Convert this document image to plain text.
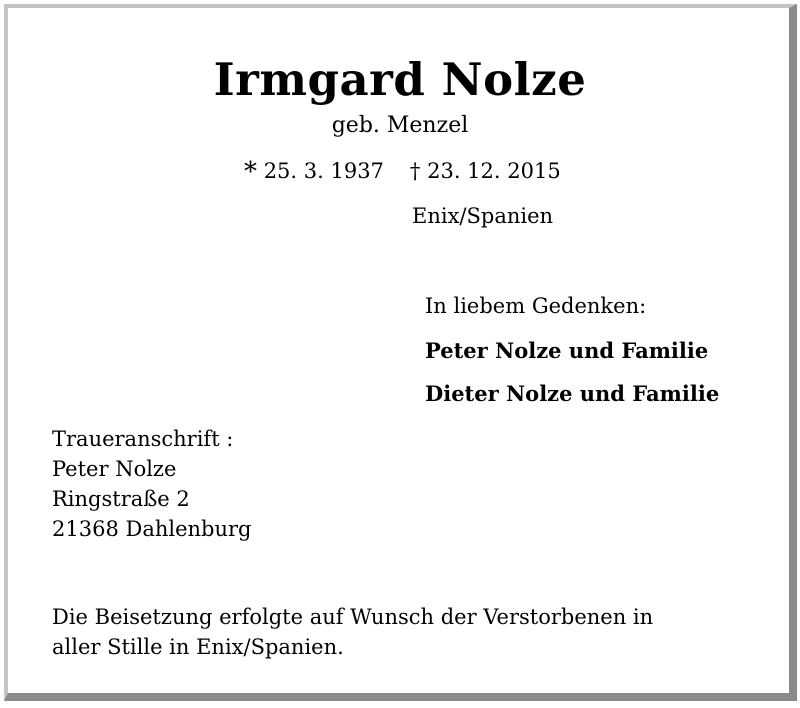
Irmgard Nolze
geb. Menzel
* 25. 3. 1937 † 23. 12. 2015
Enix/Spanien
In liebem Gedenken:
Peter Nolze und Familie
Dieter Nolze und Familie
Traueranschrift :
Peter Nolze
Ringstraße 2
21368 Dahlenburg
Die Beisetzung erfolgte auf Wunsch der Verstorbenen in
aller Stille in Enix/Spanien.
